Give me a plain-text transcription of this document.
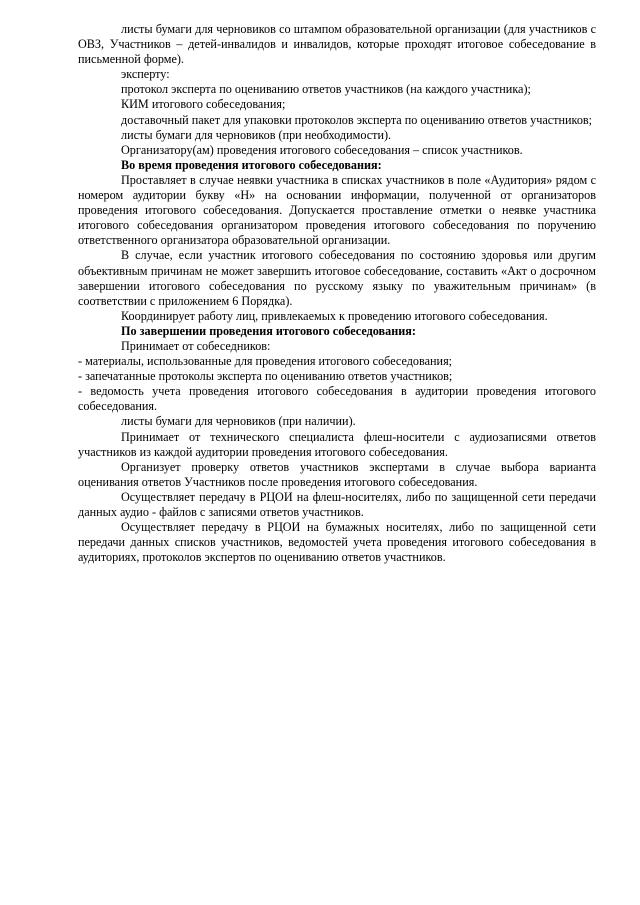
листы бумаги для черновиков со штампом образовательной организации (для участников с ОВЗ, Участников – детей-инвалидов и инвалидов, которые проходят итоговое собеседование в письменной форме).

эксперту:

протокол эксперта по оцениванию ответов участников (на каждого участника);

КИМ итогового собеседования;

доставочный пакет для упаковки протоколов эксперта по оцениванию ответов участников;

листы бумаги для черновиков (при необходимости).

Организатору(ам) проведения итогового собеседования – список участников.

Во время проведения итогового собеседования:

Проставляет в случае неявки участника в списках участников в поле «Аудитория» рядом с номером аудитории букву «Н» на основании информации, полученной от организаторов проведения итогового собеседования. Допускается проставление отметки о неявке участника итогового собеседования организатором проведения итогового собеседования по поручению ответственного организатора образовательной организации.

В случае, если участник итогового собеседования по состоянию здоровья или другим объективным причинам не может завершить итоговое собеседование, составить «Акт о досрочном завершении итогового собеседования по русскому языку по уважительным причинам» (в соответствии с приложением 6 Порядка).

Координирует работу лиц, привлекаемых к проведению итогового собеседования.

По завершении проведения итогового собеседования:

Принимает от собеседников:

- материалы, использованные для проведения итогового собеседования;

- запечатанные протоколы эксперта по оцениванию ответов участников;

- ведомость учета проведения итогового собеседования в аудитории проведения итогового собеседования.

листы бумаги для черновиков (при наличии).

Принимает от технического специалиста флеш-носители с аудиозаписями ответов участников из каждой аудитории проведения итогового собеседования.

Организует проверку ответов участников экспертами в случае выбора варианта оценивания ответов Участников после проведения итогового собеседования.

Осуществляет передачу в РЦОИ на флеш-носителях, либо по защищенной сети передачи данных аудио - файлов с записями ответов участников.

Осуществляет передачу в РЦОИ на бумажных носителях, либо по защищенной сети передачи данных списков участников, ведомостей учета проведения итогового собеседования в аудиториях, протоколов экспертов по оцениванию ответов участников.
